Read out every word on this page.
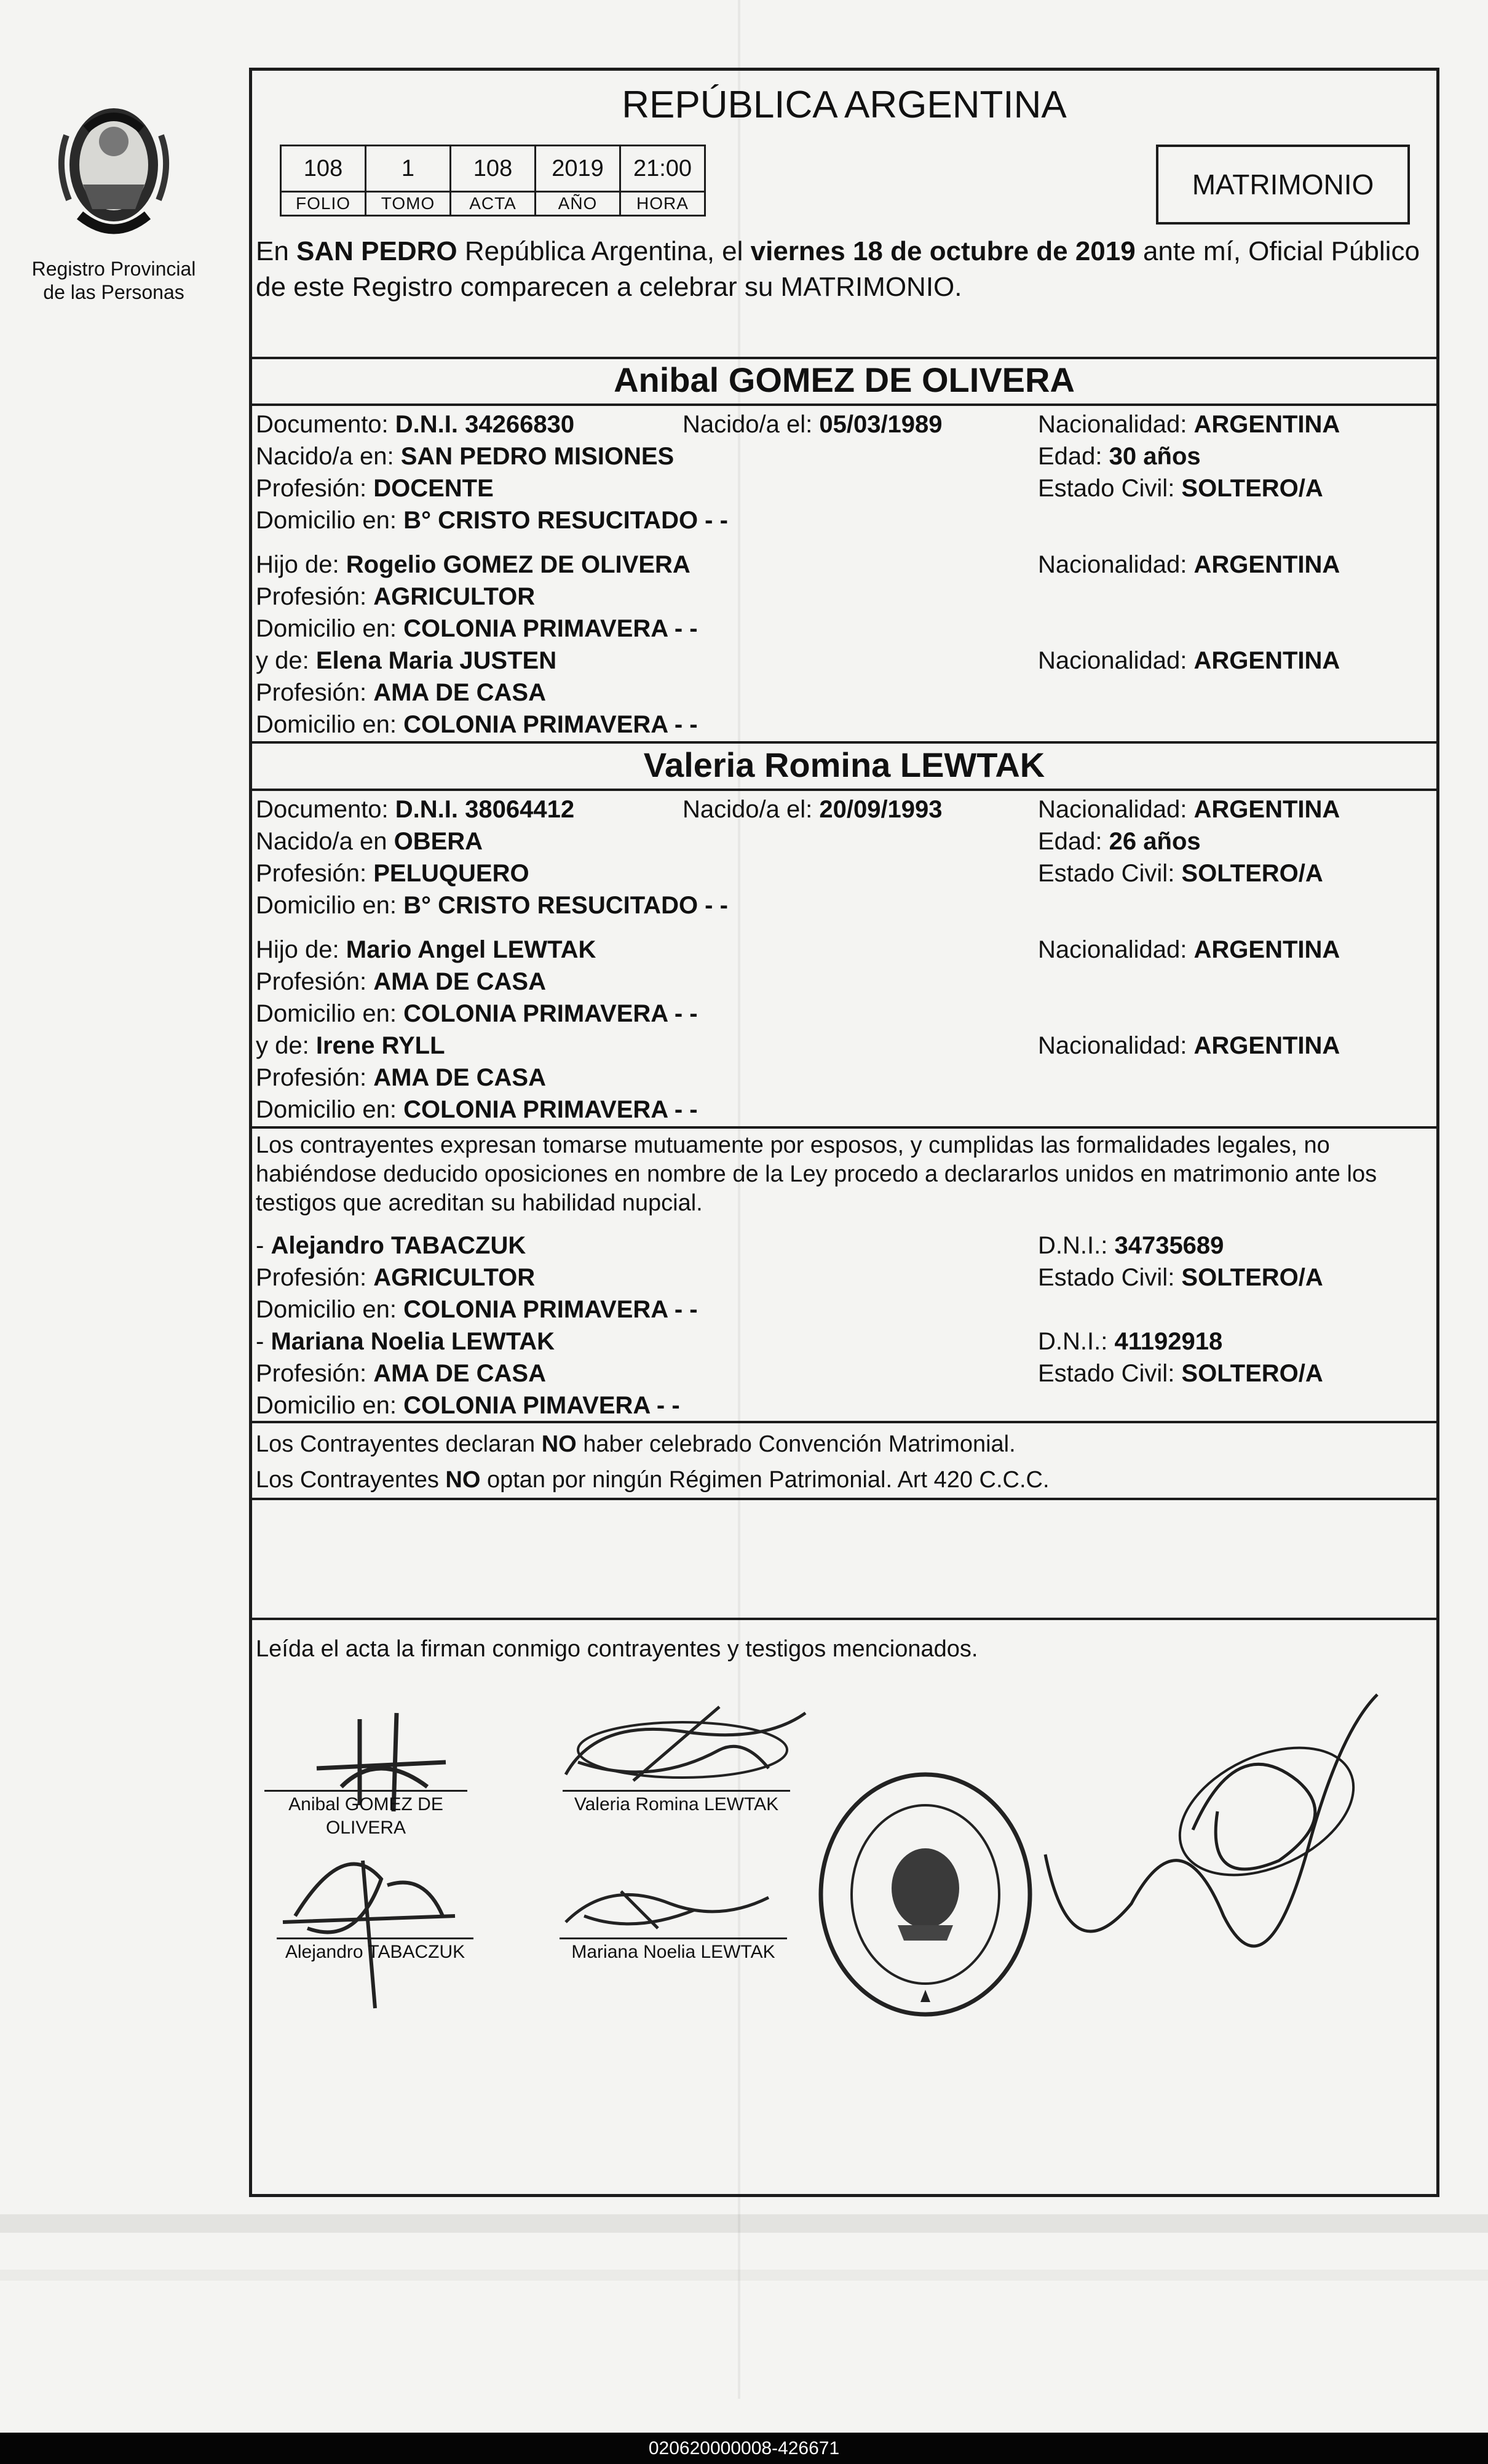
Registro Provincial
de las Personas
REPÚBLICA ARGENTINA
108	1	108	2019	21:00
FOLIO	TOMO	ACTA	AÑO	HORA
MATRIMONIO

En SAN PEDRO República Argentina, el viernes 18 de octubre de 2019 ante mí, Oficial Público de este Registro comparecen a celebrar su MATRIMONIO.

Anibal GOMEZ DE OLIVERA
Documento: D.N.I. 34266830	Nacido/a el: 05/03/1989	Nacionalidad: ARGENTINA
Nacido/a en: SAN PEDRO MISIONES	Edad: 30 años
Profesión: DOCENTE	Estado Civil: SOLTERO/A
Domicilio en: B° CRISTO RESUCITADO - -
Hijo de: Rogelio GOMEZ DE OLIVERA	Nacionalidad: ARGENTINA
Profesión: AGRICULTOR
Domicilio en: COLONIA PRIMAVERA - -
y de: Elena Maria JUSTEN	Nacionalidad: ARGENTINA
Profesión: AMA DE CASA
Domicilio en: COLONIA PRIMAVERA - -
Valeria Romina LEWTAK
Documento: D.N.I. 38064412	Nacido/a el: 20/09/1993	Nacionalidad: ARGENTINA
Nacido/a en OBERA	Edad: 26 años
Profesión: PELUQUERO	Estado Civil: SOLTERO/A
Domicilio en: B° CRISTO RESUCITADO - -
Hijo de: Mario Angel LEWTAK	Nacionalidad: ARGENTINA
Profesión: AMA DE CASA
Domicilio en: COLONIA PRIMAVERA - -
y de: Irene RYLL	Nacionalidad: ARGENTINA
Profesión: AMA DE CASA
Domicilio en: COLONIA PRIMAVERA - -

Los contrayentes expresan tomarse mutuamente por esposos, y cumplidas las formalidades legales, no habiéndose deducido oposiciones en nombre de la Ley procedo a declararlos unidos en matrimonio ante los testigos que acreditan su habilidad nupcial.

- Alejandro TABACZUK	D.N.I.: 34735689
Profesión: AGRICULTOR	Estado Civil: SOLTERO/A
Domicilio en: COLONIA PRIMAVERA - -
- Mariana Noelia LEWTAK	D.N.I.: 41192918
Profesión: AMA DE CASA	Estado Civil: SOLTERO/A
Domicilio en: COLONIA PIMAVERA - -
Los Contrayentes declaran NO haber celebrado Convención Matrimonial.
Los Contrayentes NO optan por ningún Régimen Patrimonial. Art 420 C.C.C.
Leída el acta la firman conmigo contrayentes y testigos mencionados.
Anibal GOMEZ DE
OLIVERA
Valeria Romina LEWTAK
Alejandro TABACZUK	Mariana Noelia LEWTAK
020620000008-426671
